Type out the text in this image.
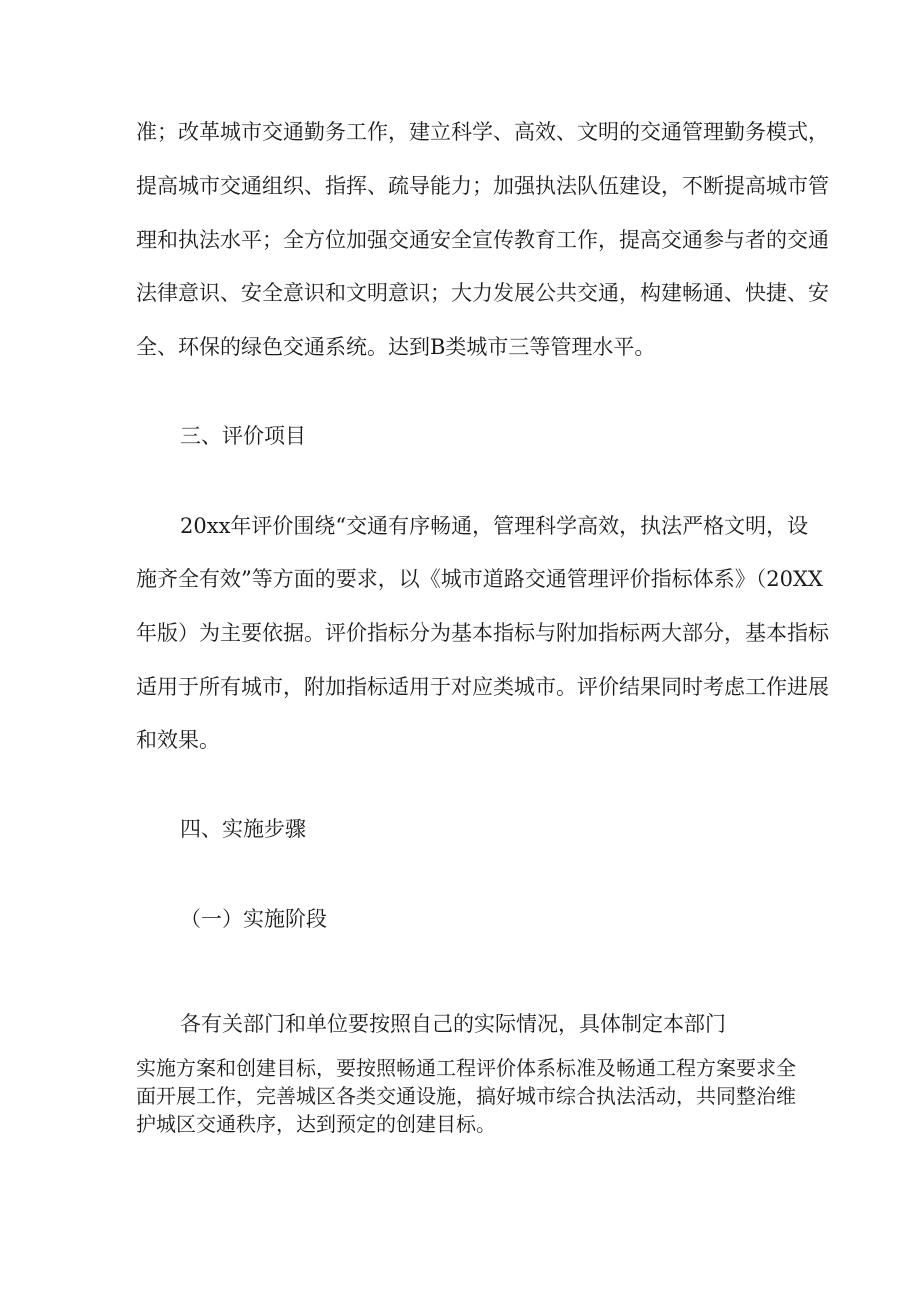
准；改革城市交通勤务工作，建立科学、高效、文明的交通管理勤务模式，
提高城市交通组织、指挥、疏导能力；加强执法队伍建设，不断提高城市管
理和执法水平；全方位加强交通安全宣传教育工作，提高交通参与者的交通
法律意识、安全意识和文明意识；大力发展公共交通，构建畅通、快捷、安
全、环保的绿色交通系统。达到B类城市三等管理水平。
三、评价项目
20xx年评价围绕“交通有序畅通，管理科学高效，执法严格文明，设
施齐全有效”等方面的要求，以《城市道路交通管理评价指标体系》（20XX
年版）为主要依据。评价指标分为基本指标与附加指标两大部分，基本指标
适用于所有城市，附加指标适用于对应类城市。评价结果同时考虑工作进展
和效果。
四、实施步骤
（一）实施阶段
各有关部门和单位要按照自己的实际情况，具体制定本部门
实施方案和创建目标，要按照畅通工程评价体系标准及畅通工程方案要求全
面开展工作，完善城区各类交通设施，搞好城市综合执法活动，共同整治维
护城区交通秩序，达到预定的创建目标。
